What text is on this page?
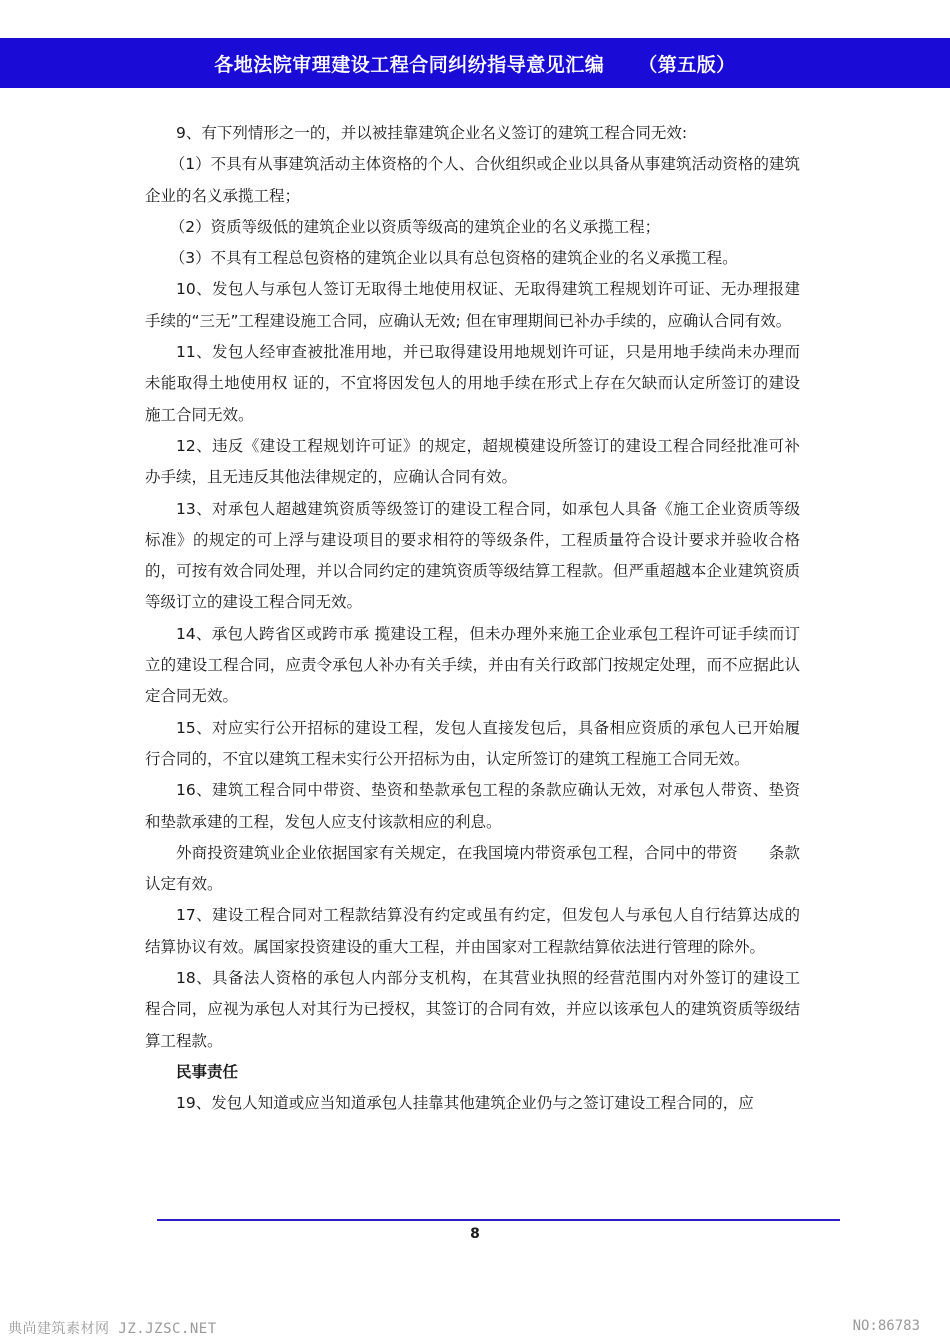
各地法院审理建设工程合同纠纷指导意见汇编 （第五版）

9、有下列情形之一的，并以被挂靠建筑企业名义签订的建筑工程合同无效:

（1）不具有从事建筑活动主体资格的个人、合伙组织或企业以具备从事建筑活动资格的建筑企业的名义承揽工程；

（2）资质等级低的建筑企业以资质等级高的建筑企业的名义承揽工程；

（3）不具有工程总包资格的建筑企业以具有总包资格的建筑企业的名义承揽工程。

10、发包人与承包人签订无取得土地使用权证、无取得建筑工程规划许可证、无办理报建手续的“三无”工程建设施工合同，应确认无效; 但在审理期间已补办手续的，应确认合同有效。

11、发包人经审查被批准用地，并已取得建设用地规划许可证，只是用地手续尚未办理而未能取得土地使用权 证的，不宜将因发包人的用地手续在形式上存在欠缺而认定所签订的建设施工合同无效。

12、违反《建设工程规划许可证》的规定，超规模建设所签订的建设工程合同经批准可补办手续，且无违反其他法律规定的，应确认合同有效。

13、对承包人超越建筑资质等级签订的建设工程合同，如承包人具备《施工企业资质等级标准》的规定的可上浮与建设项目的要求相符的等级条件，工程质量符合设计要求并验收合格的，可按有效合同处理，并以合同约定的建筑资质等级结算工程款。但严重超越本企业建筑资质等级订立的建设工程合同无效。

14、承包人跨省区或跨市承 揽建设工程，但未办理外来施工企业承包工程许可证手续而订立的建设工程合同，应责令承包人补办有关手续，并由有关行政部门按规定处理，而不应据此认定合同无效。

15、对应实行公开招标的建设工程，发包人直接发包后，具备相应资质的承包人已开始履行合同的，不宜以建筑工程未实行公开招标为由，认定所签订的建筑工程施工合同无效。

16、建筑工程合同中带资、垫资和垫款承包工程的条款应确认无效，对承包人带资、垫资和垫款承建的工程，发包人应支付该款相应的利息。

外商投资建筑业企业依据国家有关规定，在我国境内带资承包工程，合同中的带资　　条款认定有效。

17、建设工程合同对工程款结算没有约定或虽有约定，但发包人与承包人自行结算达成的结算协议有效。属国家投资建设的重大工程，并由国家对工程款结算依法进行管理的除外。

18、具备法人资格的承包人内部分支机构，在其营业执照的经营范围内对外签订的建设工程合同，应视为承包人对其行为已授权，其签订的合同有效，并应以该承包人的建筑资质等级结算工程款。

民事责任

19、发包人知道或应当知道承包人挂靠其他建筑企业仍与之签订建设工程合同的，应

8
典尚建筑素材网 JZ.JZSC.NET	NO:86783
